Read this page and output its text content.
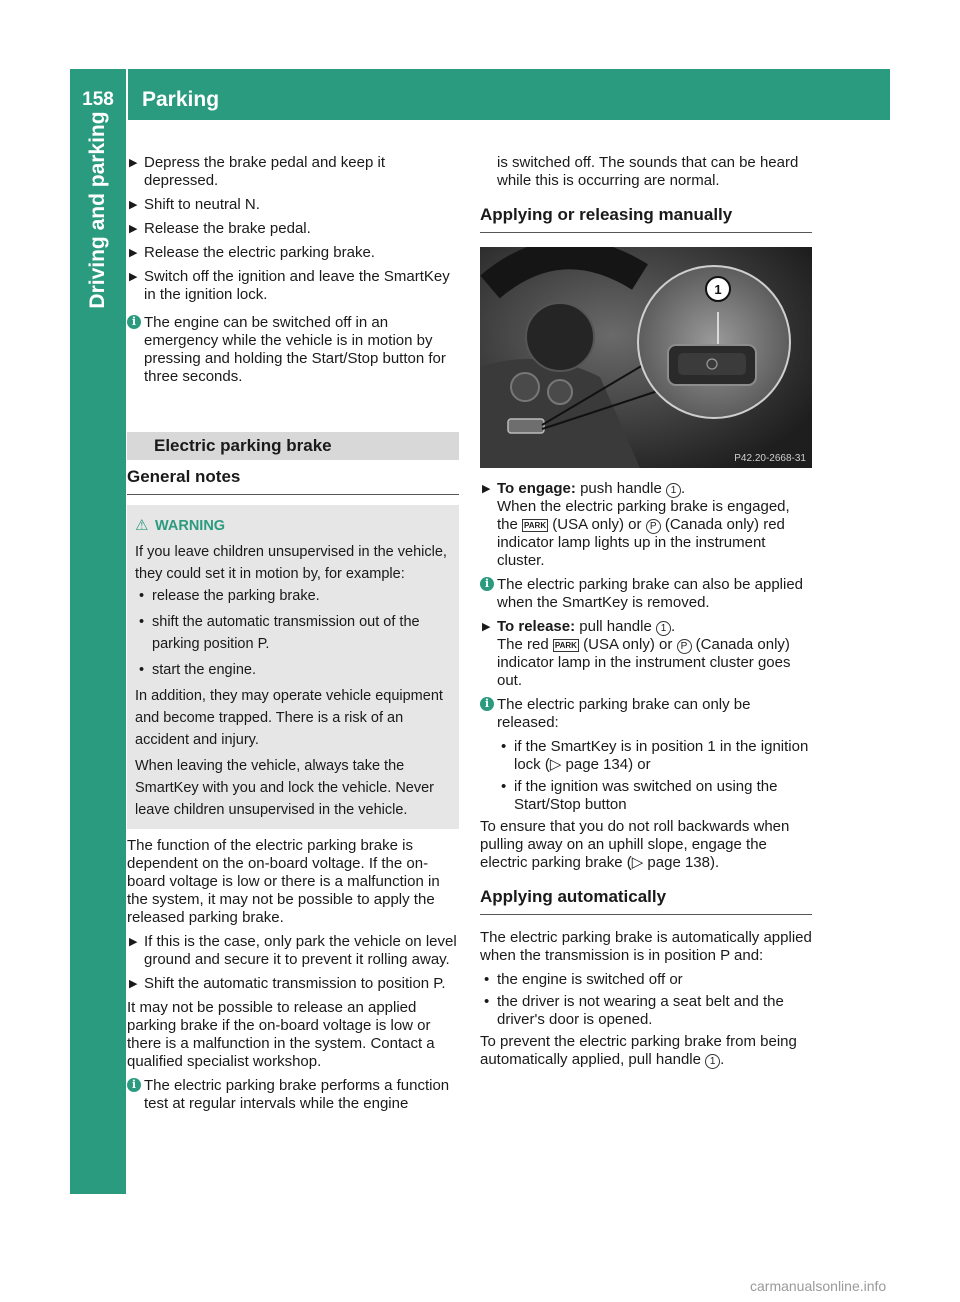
158	Parking
Driving and parking ▶ Depress the brake pedal and keep it depressed.
▶ Shift to neutral N.
▶ Release the brake pedal.
▶ Release the electric parking brake.
▶ Switch off the ignition and leave the SmartKey in the ignition lock.
i The engine can be switched off in an emergency while the vehicle is in motion by pressing and holding the Start/Stop button for three seconds.
Electric parking brake
General notes
⚠ WARNING
If you leave children unsupervised in the vehicle, they could set it in motion by, for example:
• release the parking brake.
• shift the automatic transmission out of the parking position P.
• start the engine.
In addition, they may operate vehicle equipment and become trapped. There is a risk of an accident and injury.
When leaving the vehicle, always take the SmartKey with you and lock the vehicle. Never leave children unsupervised in the vehicle.
The function of the electric parking brake is dependent on the on-board voltage. If the on-board voltage is low or there is a malfunction in the system, it may not be possible to apply the released parking brake.
▶ If this is the case, only park the vehicle on level ground and secure it to prevent it rolling away.
▶ Shift the automatic transmission to position P.
It may not be possible to release an applied parking brake if the on-board voltage is low or there is a malfunction in the system. Contact a qualified specialist workshop.
i The electric parking brake performs a function test at regular intervals while the engine
is switched off. The sounds that can be heard while this is occurring are normal.
Applying or releasing manually
1
P42.20-2668-31
▶ To engage: push handle 1 .
When the electric parking brake is engaged, the PARK (USA only) or P (Canada only) red indicator lamp lights up in the instrument cluster.
i The electric parking brake can also be applied when the SmartKey is removed.
▶ To release: pull handle 1 .
The red PARK (USA only) or P (Canada only) indicator lamp in the instrument cluster goes out.
i The electric parking brake can only be released:
• if the SmartKey is in position 1 in the ignition lock (▷ page 134) or
• if the ignition was switched on using the Start/Stop button
To ensure that you do not roll backwards when pulling away on an uphill slope, engage the electric parking brake (▷ page 138).
Applying automatically
The electric parking brake is automatically applied when the transmission is in position P and:
• the engine is switched off or
• the driver is not wearing a seat belt and the driver's door is opened.
To prevent the electric parking brake from being automatically applied, pull handle 1 .
carmanualsonline.info
